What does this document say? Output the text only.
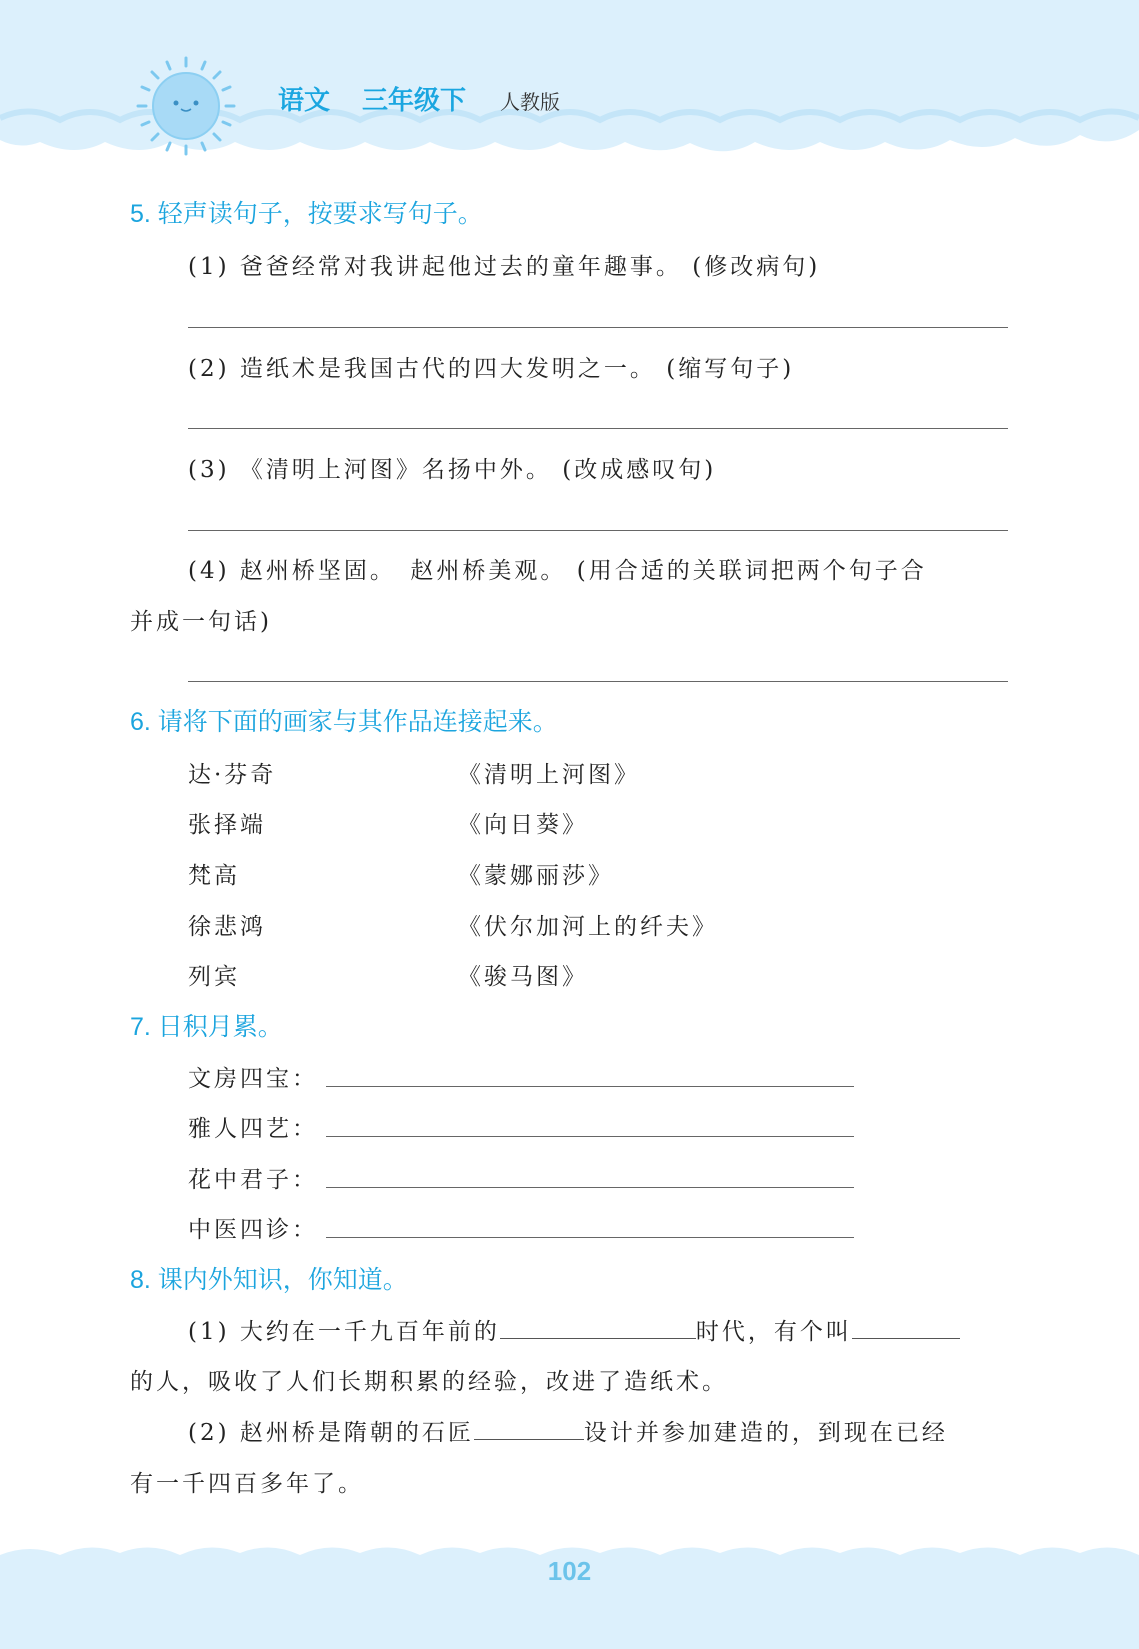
语文 三年级下 人教版
5. 轻声读句子，按要求写句子。
(1) 爸爸经常对我讲起他过去的童年趣事。 (修改病句)
(2) 造纸术是我国古代的四大发明之一。 (缩写句子)
(3) 《清明上河图》名扬中外。 (改成感叹句)
(4) 赵州桥坚固。　赵州桥美观。 (用合适的关联词把两个句子合
并成一句话)
6. 请将下面的画家与其作品连接起来。
达·芬奇
张择端
梵高
徐悲鸿
列宾
《清明上河图》
《向日葵》
《蒙娜丽莎》
《伏尔加河上的纤夫》
《骏马图》
7. 日积月累。
文房四宝：
雅人四艺：
花中君子：
中医四诊：
8. 课内外知识，你知道。
(1) 大约在一千九百年前的	时代，有个叫
的人，吸收了人们长期积累的经验，改进了造纸术。
(2) 赵州桥是隋朝的石匠	设计并参加建造的，到现在已经
有一千四百多年了。
102
